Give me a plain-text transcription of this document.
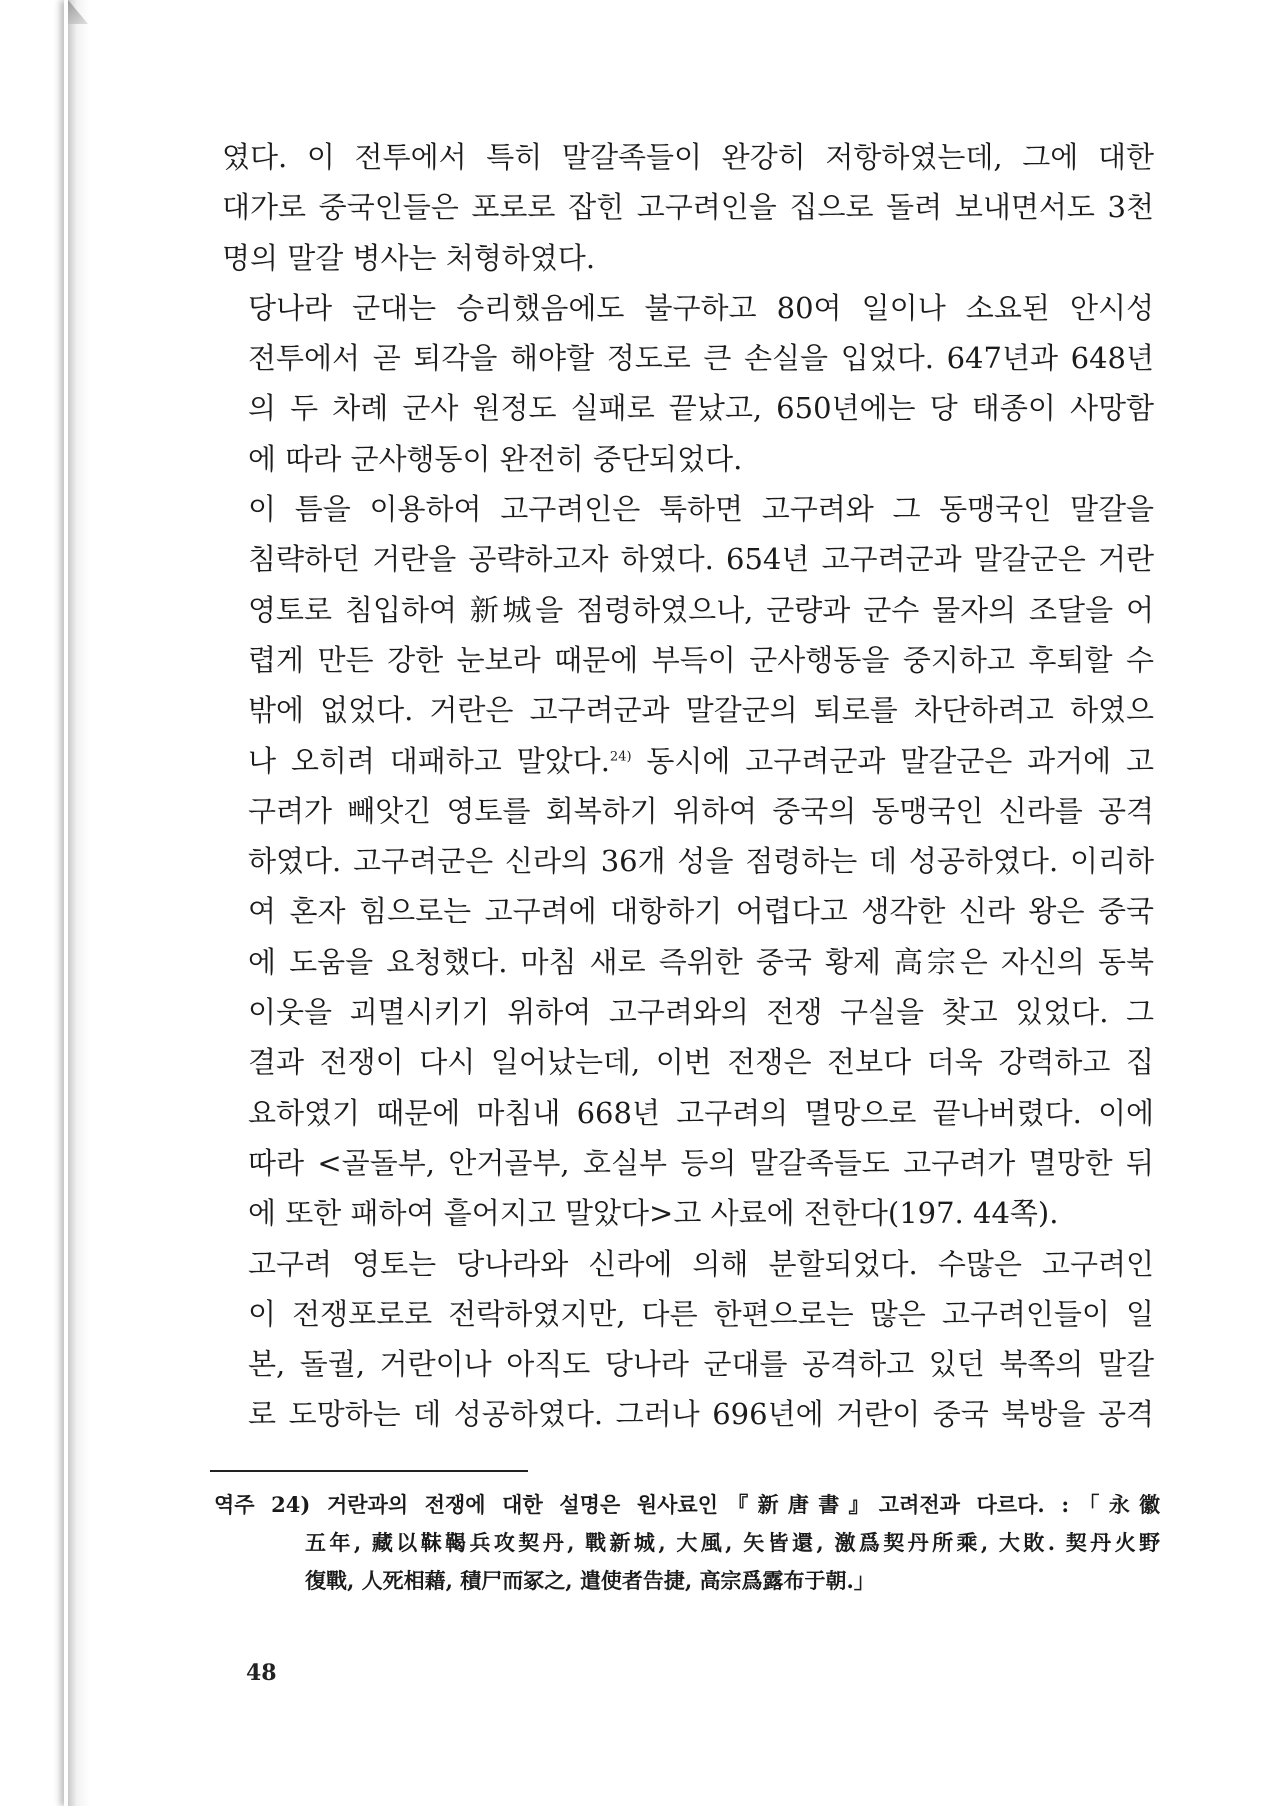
였다. 이 전투에서 특히 말갈족들이 완강히 저항하였는데, 그에 대한
대가로 중국인들은 포로로 잡힌 고구려인을 집으로 돌려 보내면서도 3천
명의 말갈 병사는 처형하였다.

당나라 군대는 승리했음에도 불구하고 80여 일이나 소요된 안시성
전투에서 곧 퇴각을 해야할 정도로 큰 손실을 입었다. 647년과 648년
의 두 차례 군사 원정도 실패로 끝났고, 650년에는 당 태종이 사망함
에 따라 군사행동이 완전히 중단되었다.

이 틈을 이용하여 고구려인은 툭하면 고구려와 그 동맹국인 말갈을
침략하던 거란을 공략하고자 하였다. 654년 고구려군과 말갈군은 거란
영토로 침입하여 新城을 점령하였으나, 군량과 군수 물자의 조달을 어
렵게 만든 강한 눈보라 때문에 부득이 군사행동을 중지하고 후퇴할 수
밖에 없었다. 거란은 고구려군과 말갈군의 퇴로를 차단하려고 하였으
나 오히려 대패하고 말았다.$^{24)}$ 동시에 고구려군과 말갈군은 과거에 고
구려가 빼앗긴 영토를 회복하기 위하여 중국의 동맹국인 신라를 공격
하였다. 고구려군은 신라의 36개 성을 점령하는 데 성공하였다. 이리하
여 혼자 힘으로는 고구려에 대항하기 어렵다고 생각한 신라 왕은 중국
에 도움을 요청했다. 마침 새로 즉위한 중국 황제 高宗은 자신의 동북
이웃을 괴멸시키기 위하여 고구려와의 전쟁 구실을 찾고 있었다. 그
결과 전쟁이 다시 일어났는데, 이번 전쟁은 전보다 더욱 강력하고 집
요하였기 때문에 마침내 668년 고구려의 멸망으로 끝나버렸다. 이에
따라 <골돌부, 안거골부, 호실부 등의 말갈족들도 고구려가 멸망한 뒤
에 또한 패하여 흩어지고 말았다>고 사료에 전한다(197. 44쪽).

고구려 영토는 당나라와 신라에 의해 분할되었다. 수많은 고구려인
이 전쟁포로로 전락하였지만, 다른 한편으로는 많은 고구려인들이 일
본, 돌궐, 거란이나 아직도 당나라 군대를 공격하고 있던 북쪽의 말갈
로 도망하는 데 성공하였다. 그러나 696년에 거란이 중국 북방을 공격

역주 24) 거란과의 전쟁에 대한 설명은 원사료인『新唐書』고려전과 다르다. :「永徽
五年, 藏以靺鞨兵攻契丹, 戰新城, 大風, 矢皆還, 激爲契丹所乘, 大敗. 契丹火野
復戰, 人死相藉, 積尸而冢之, 遣使者告捷, 高宗爲露布于朝.」
48
